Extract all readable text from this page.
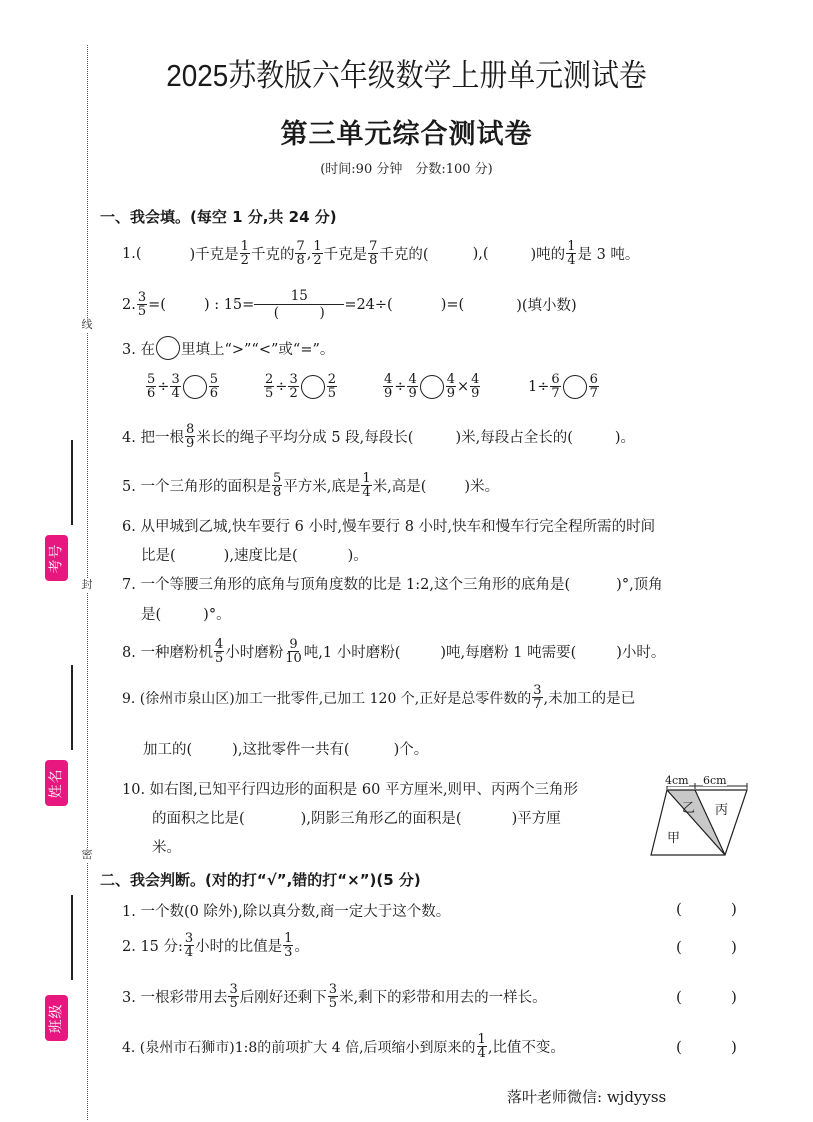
线
封
密
考号
姓名
班级
2025苏教版六年级数学上册单元测试卷
第三单元综合测试卷
(时间:90 分钟　分数:100 分)
一、我会填。(每空 1 分,共 24 分)
1.(	)千克是 $\frac{1}{2}$ 千克的 $\frac{7}{8}$ , $\frac{1}{2}$ 千克是 $\frac{7}{8}$ 千克的(	),(	)吨的 $\frac{1}{4}$ 是 3 吨。
2. $\frac{3}{5}$ =(	) : 15=
15
(　　　)
=24÷(	)=(	)(填小数)
3. 在 里填上“>”“<”或“=”。
$\frac{5}{6} \div \frac{3}{4} \frac{5}{6}$	$\frac{2}{5} \div \frac{3}{2} \frac{2}{5}$	$\frac{4}{9} \div \frac{4}{9} \frac{4}{9} \times \frac{4}{9}$	$1\div \frac{6}{7} \frac{6}{7}$
4. 把一根 $\frac{8}{9}$ 米长的绳子平均分成 5 段,每段长(	)米,每段占全长的(	)。
5. 一个三角形的面积是 $\frac{5}{8}$ 平方米,底是 $\frac{1}{4}$ 米,高是(	)米。
6. 从甲城到乙城,快车要行 6 小时,慢车要行 8 小时,快车和慢车行完全程所需的时间
比是(	),速度比是(	)。
7. 一个等腰三角形的底角与顶角度数的比是 1:2,这个三角形的底角是(	)°,顶角
是(	)°。
8. 一种磨粉机 $\frac{4}{5}$ 小时磨粉 $\frac{9}{10}$ 吨,1 小时磨粉(	)吨,每磨粉 1 吨需要(	)小时。
9. (徐州市泉山区)加工一批零件,已加工 120 个,正好是总零件数的 $\frac{3}{7}$ ,未加工的是已
加工的(	),这批零件一共有(	)个。
10. 如右图,已知平行四边形的面积是 60 平方厘米,则甲、丙两个三角形
的面积之比是(	),阴影三角形乙的面积是(	)平方厘
米。
4cm 6cm
甲
乙 丙
二、我会判断。(对的打“√”,错的打“×”)(5 分)
1. 一个数(0 除外),除以真分数,商一定大于这个数。	(	)
2. 15 分: $\frac{3}{4}$ 小时的比值是 $\frac{1}{3}$ 。	(	)
3. 一根彩带用去 $\frac{3}{5}$ 后刚好还剩下 $\frac{3}{5}$ 米,剩下的彩带和用去的一样长。	(	)
4. (泉州市石狮市)1:8的前项扩大 4 倍,后项缩小到原来的 $\frac{1}{4}$ ,比值不变。	(	)
落叶老师微信: wjdyyss
